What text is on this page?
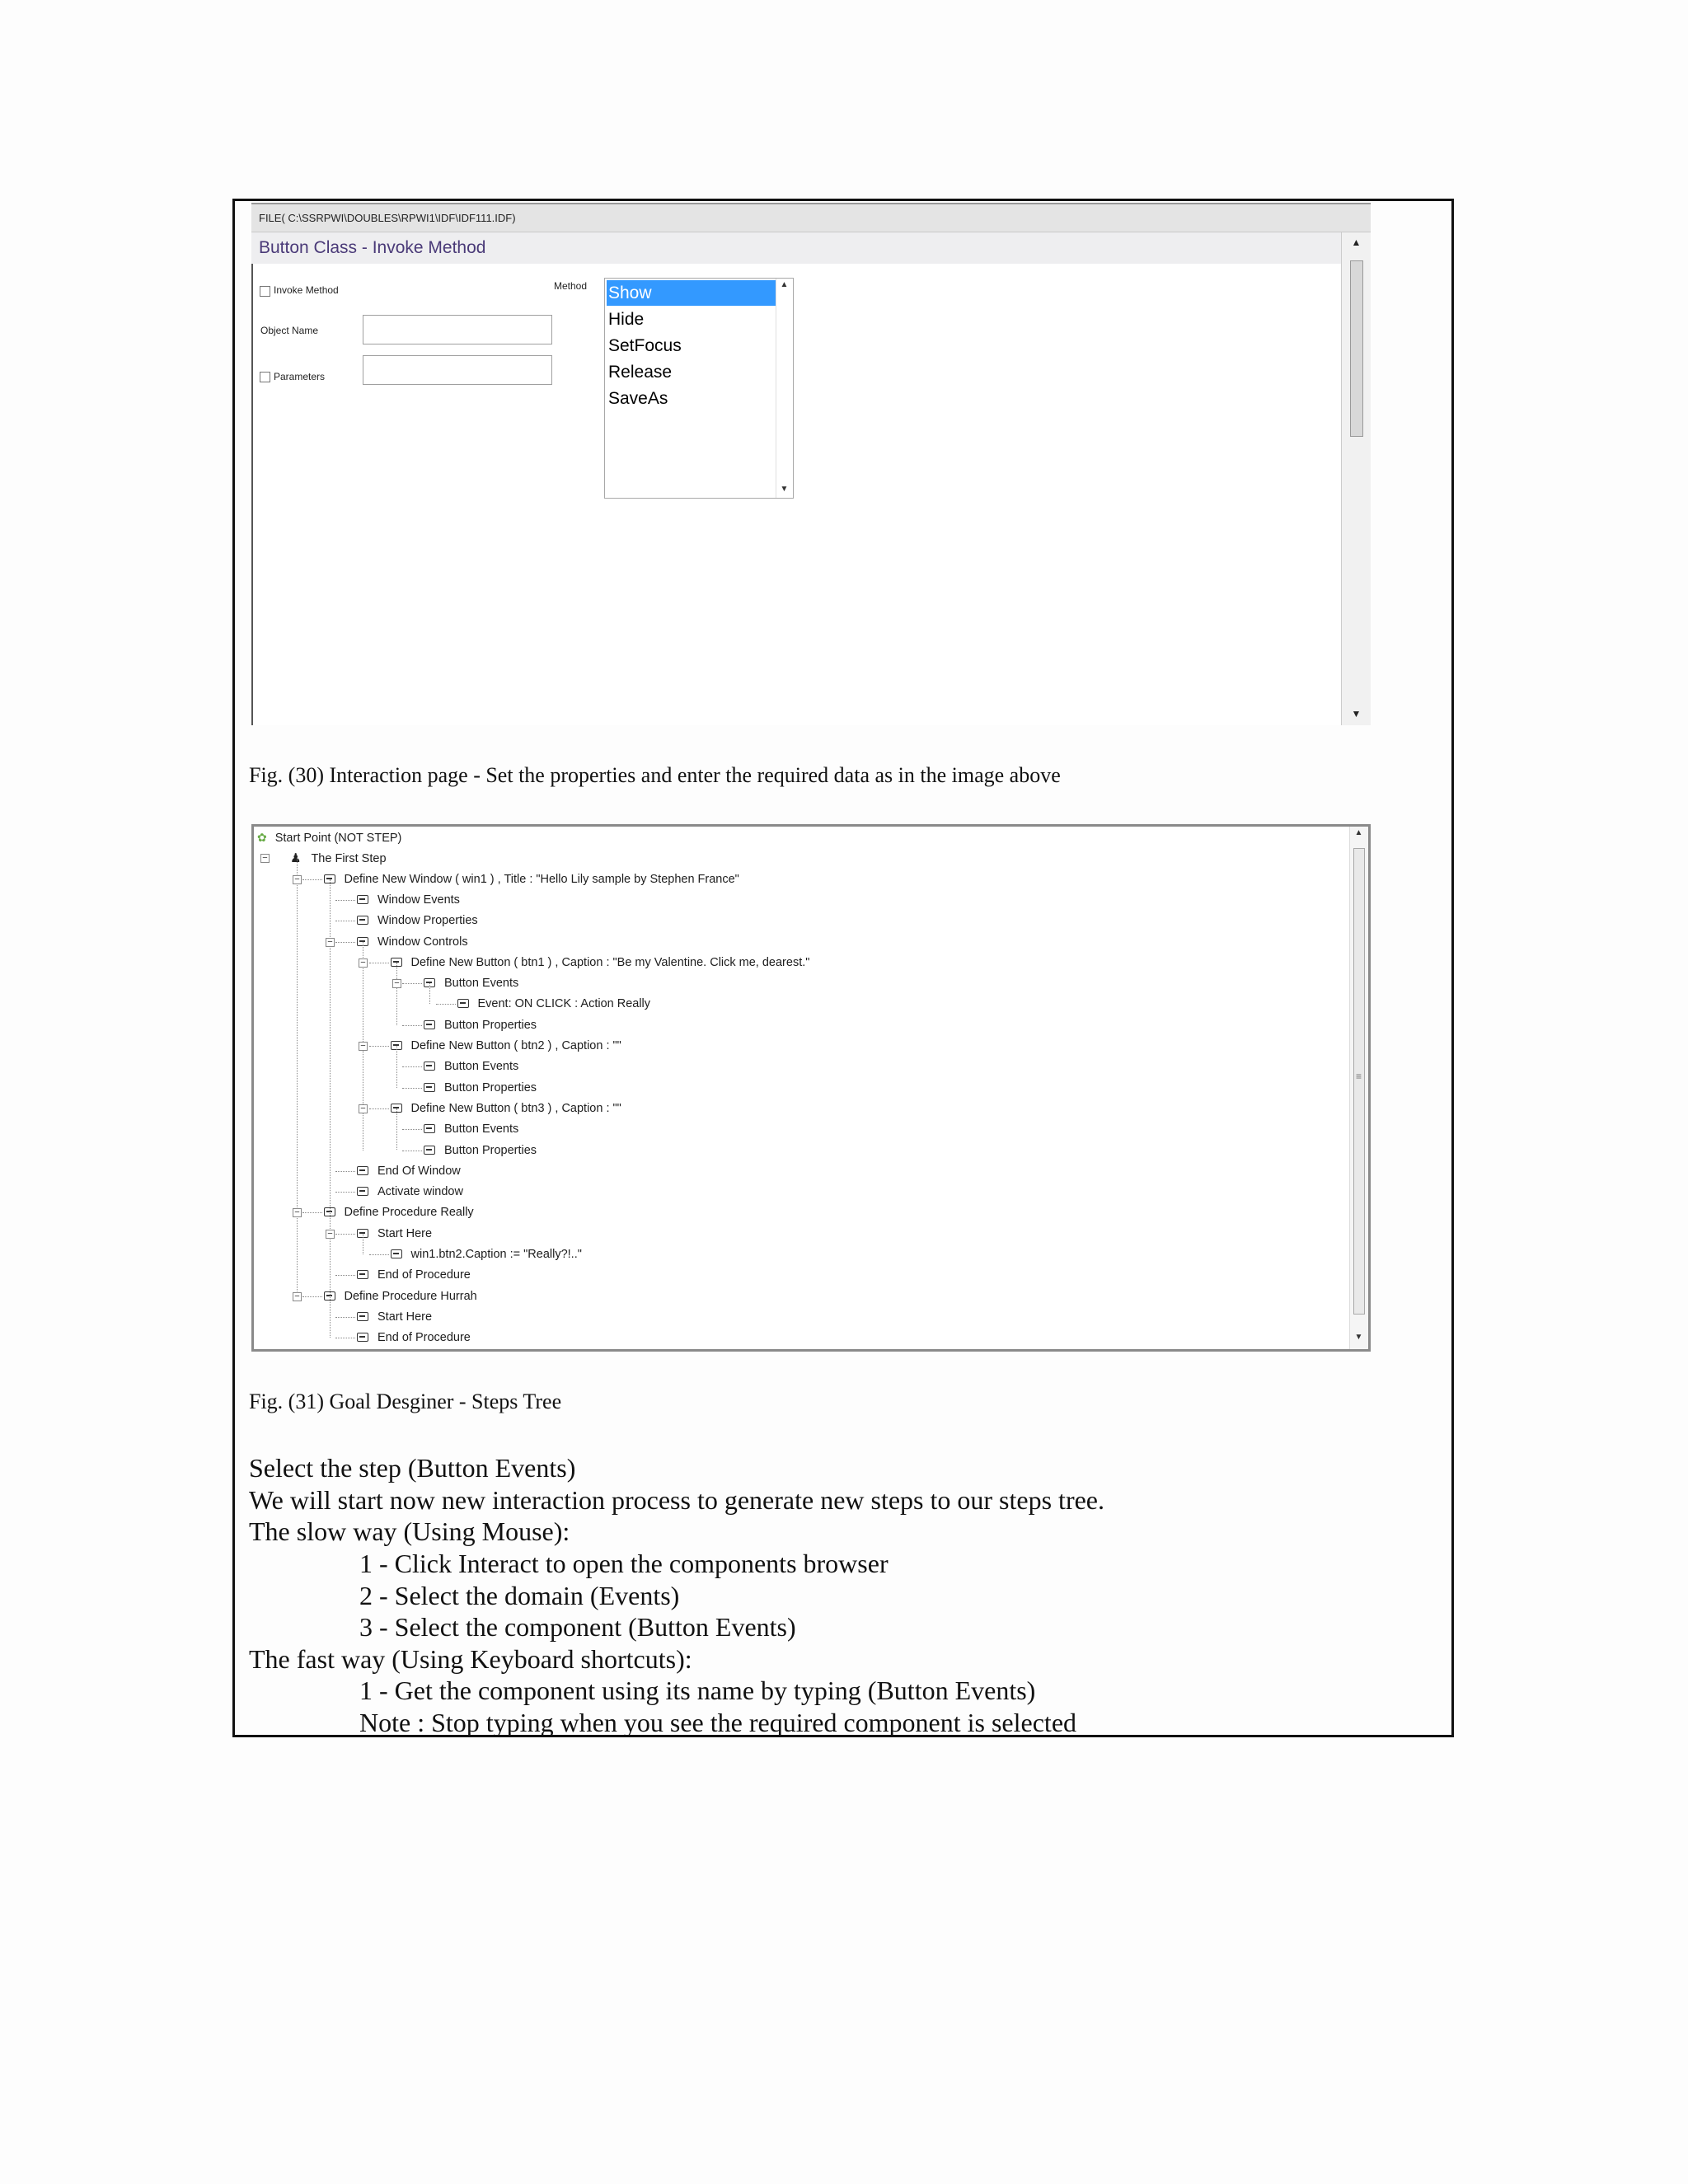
FILE( C:\SSRPWI\DOUBLES\RPWI1\IDF\IDF111.IDF)
Button Class - Invoke Method	▲
▼
Invoke Method
Object Name
Parameters
Method Show
Hide
SetFocus
Release
SaveAs
▲
▼
Fig. (30) Interaction page - Set the properties and enter the required data as in the image above
✿ Start Point (NOT STEP)
♟ The First Step
Define New Window ( win1 ) , Title : "Hello Lily sample by Stephen France"
Window Events
Window Properties
Window Controls
Define New Button ( btn1 ) , Caption : "Be my Valentine. Click me, dearest."
Button Events
Event: ON CLICK : Action Really
Button Properties
Define New Button ( btn2 ) , Caption : ""
Button Events
Button Properties
Define New Button ( btn3 ) , Caption : ""
Button Events
Button Properties
End Of Window
Activate window
Define Procedure Really
Start Here
win1.btn2.Caption := "Really?!.."
End of Procedure
Define Procedure Hurrah
Start Here
End of Procedure
−
−
−
−
−
−
−
−
−
−
▲
≡
▼
Fig. (31) Goal Desginer - Steps Tree
Select the step (Button Events)
We will start now new interaction process to generate new steps to our steps tree.
The slow way (Using Mouse):
1 - Click Interact to open the components browser
2 - Select the domain (Events)
3 - Select the component (Button Events)
The fast way (Using Keyboard shortcuts):
1 - Get the component using its name by typing (Button Events)
Note : Stop typing when you see the required component is selected
